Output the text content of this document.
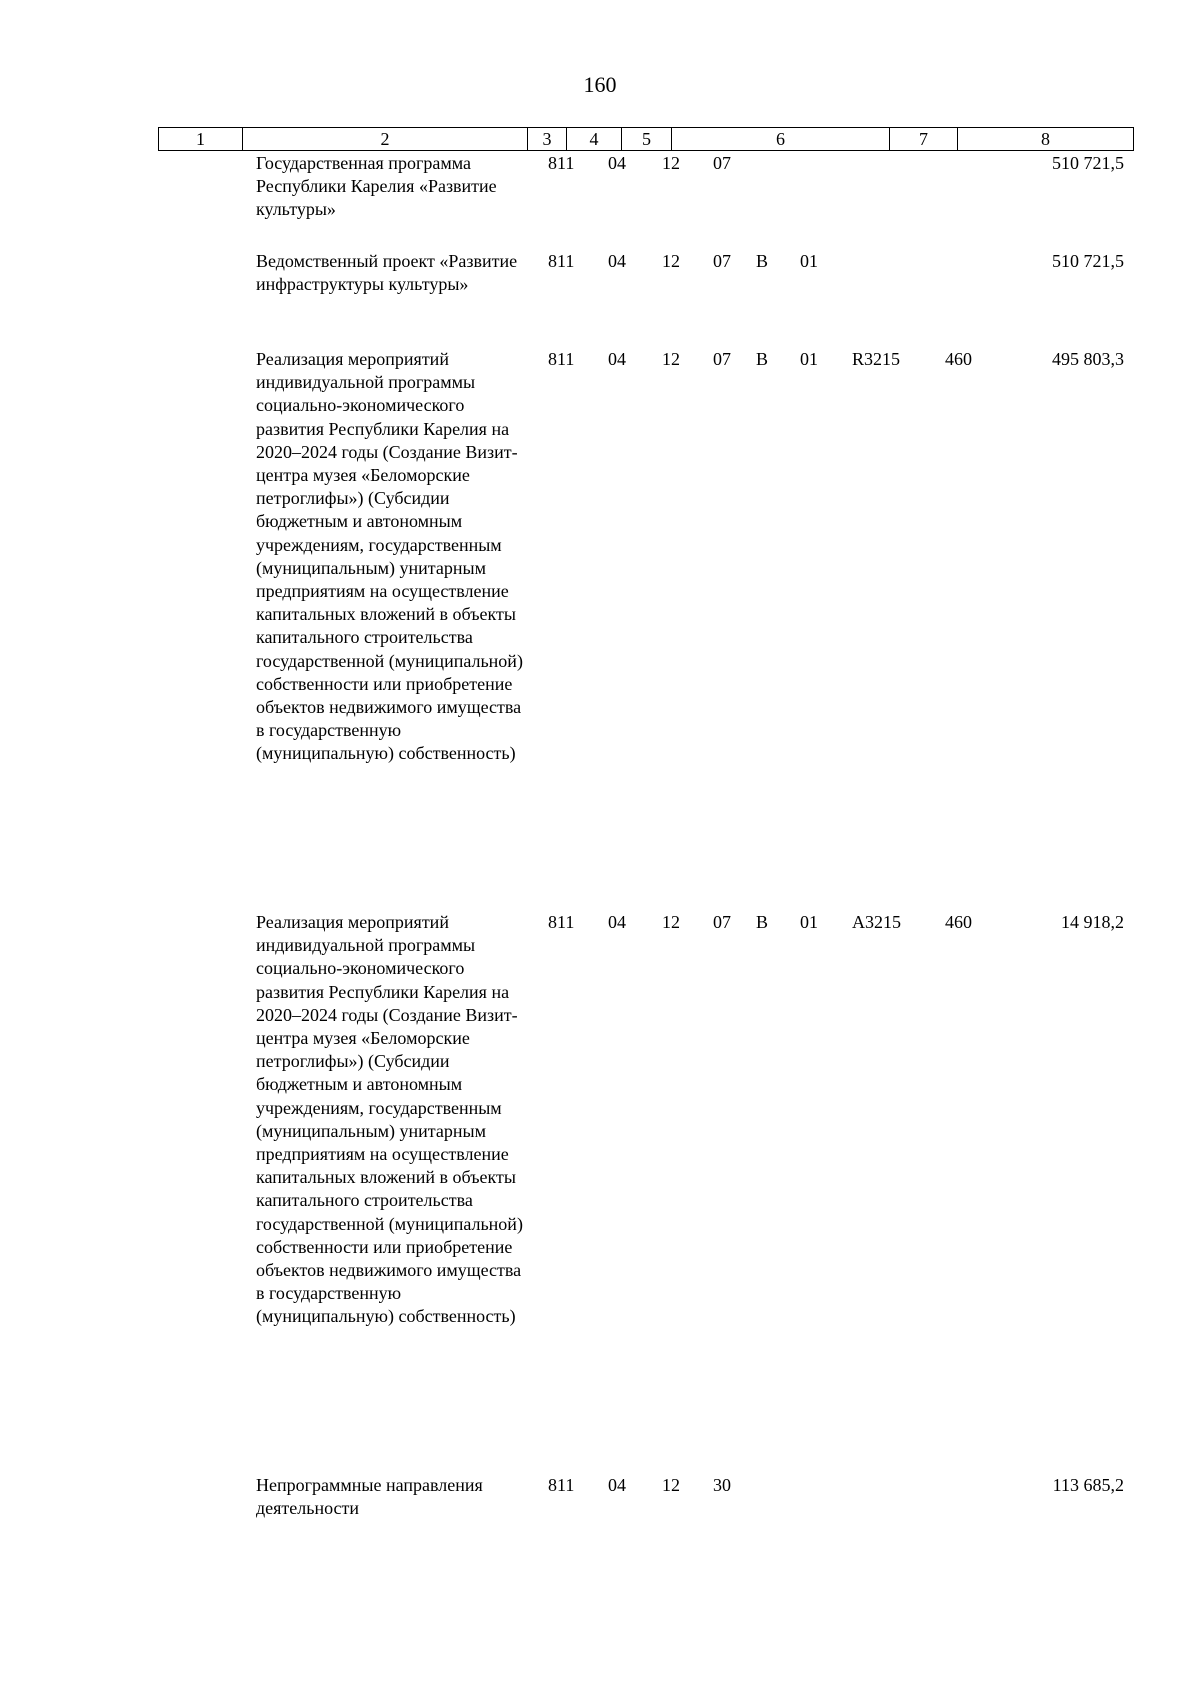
160
1	2	3	4	5	6	7	8
Государственная программа Республики Карелия «Развитие культуры»
811 04 12 07	510 721,5
Ведомственный проект «Развитие инфраструктуры культуры»
811 04 12 07 В 01	510 721,5
Реализация мероприятий индивидуальной программы социально-экономического развития Республики Карелия на 2020–2024 годы (Создание Визит-центра музея «Беломорские петроглифы») (Субсидии бюджетным и автономным учреждениям, государственным (муниципальным) унитарным предприятиям на осуществление капитальных вложений в объекты капитального строительства государственной (муниципальной) собственности или приобретение объектов недвижимого имущества в государственную (муниципальную) собственность)
811 04 12 07 В 01 R3215 460	495 803,3
Реализация мероприятий индивидуальной программы социально-экономического развития Республики Карелия на 2020–2024 годы (Создание Визит-центра музея «Беломорские петроглифы») (Субсидии бюджетным и автономным учреждениям, государственным (муниципальным) унитарным предприятиям на осуществление капитальных вложений в объекты капитального строительства государственной (муниципальной) собственности или приобретение объектов недвижимого имущества в государственную (муниципальную) собственность)
811 04 12 07 В 01 А3215 460	14 918,2
Непрограммные направления деятельности
811 04 12 30	113 685,2
